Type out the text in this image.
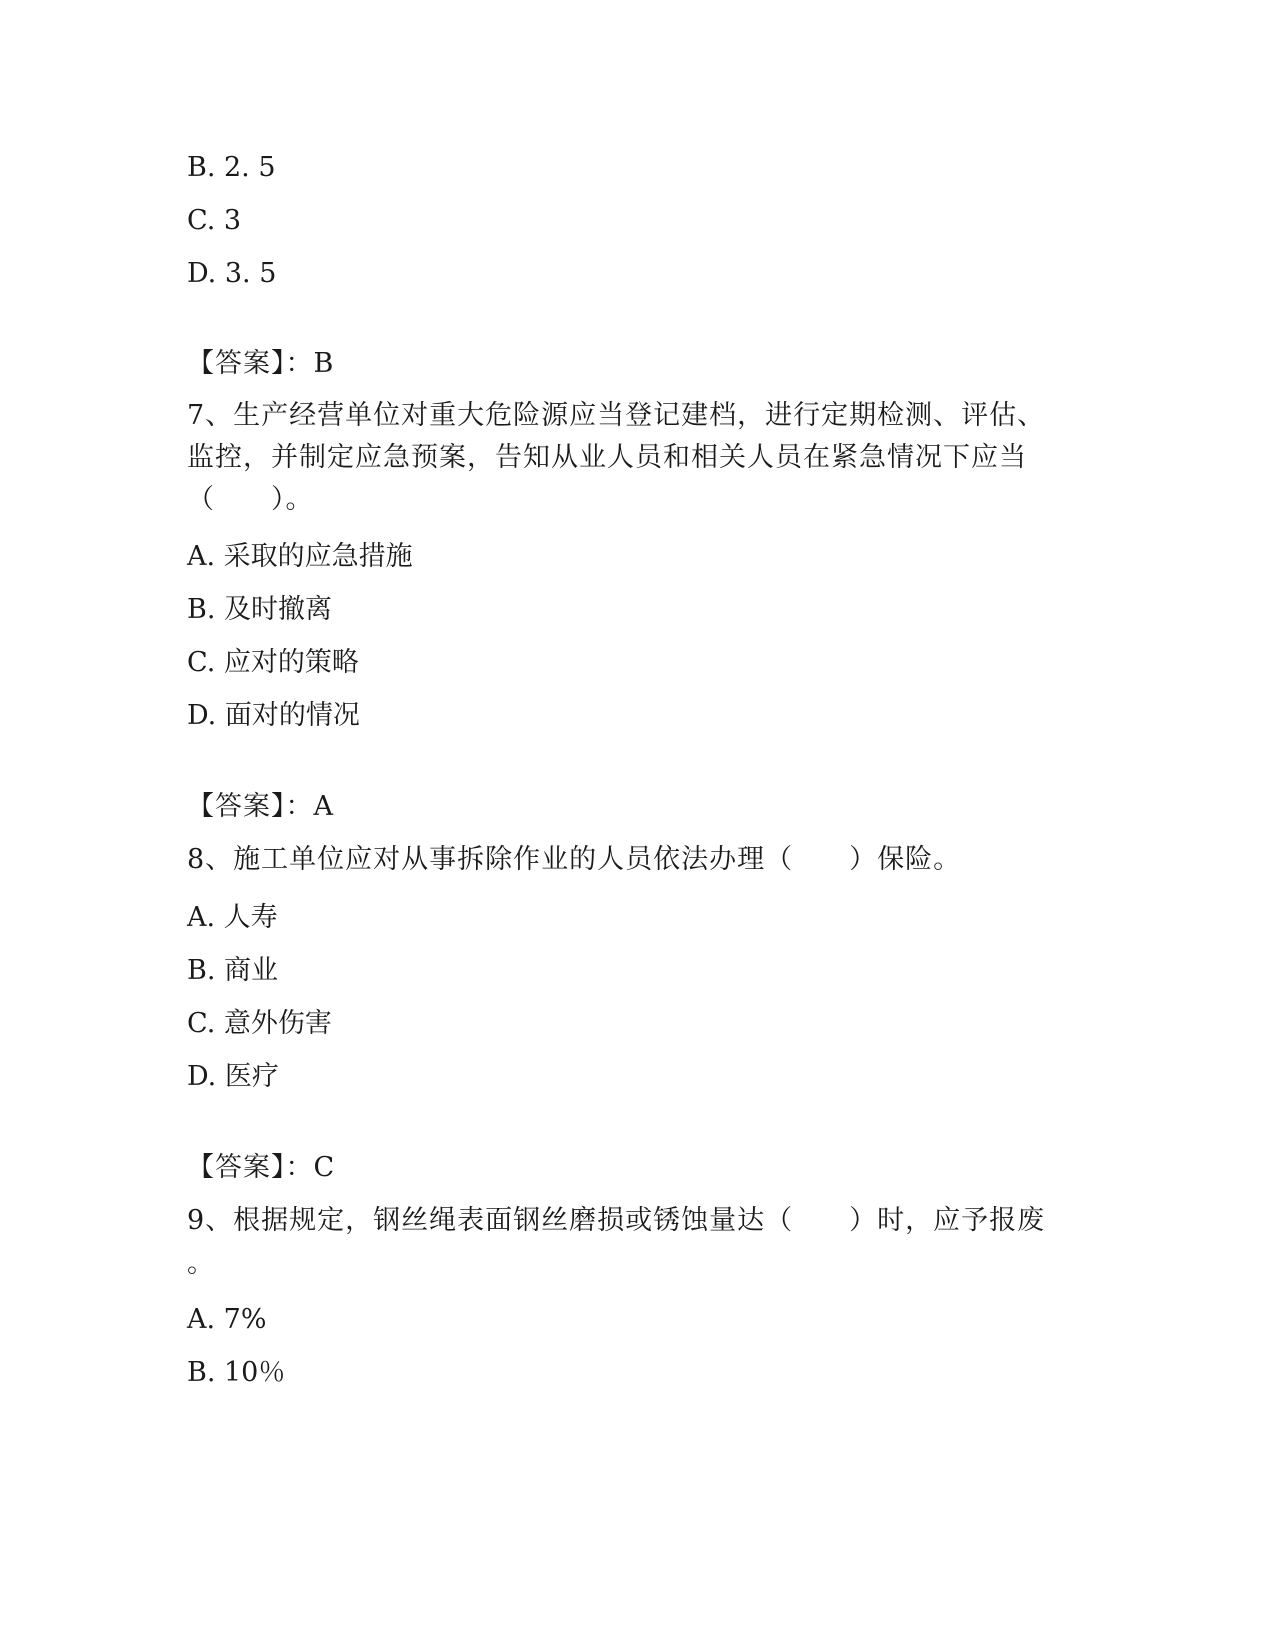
B. 2. 5
C. 3
D. 3. 5
【答案】：B
7、生产经营单位对重大危险源应当登记建档，进行定期检测、评估、
监控，并制定应急预案，告知从业人员和相关人员在紧急情况下应当
（　　）。
A. 采取的应急措施
B. 及时撤离
C. 应对的策略
D. 面对的情况
【答案】：A
8、施工单位应对从事拆除作业的人员依法办理（　　）保险。
A. 人寿
B. 商业
C. 意外伤害
D. 医疗
【答案】：C
9、根据规定，钢丝绳表面钢丝磨损或锈蚀量达（　　）时，应予报废
。
A. 7%
B. 10％
